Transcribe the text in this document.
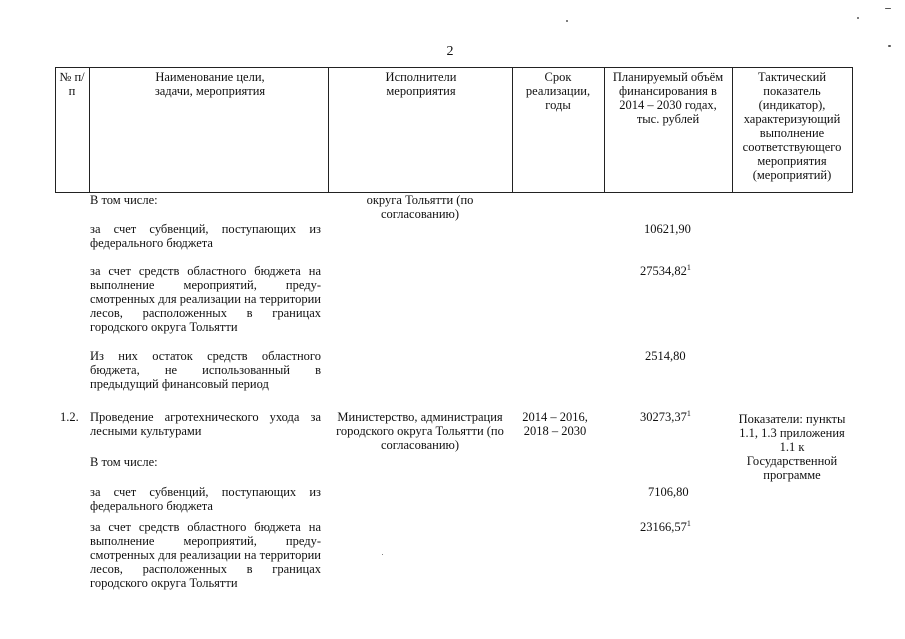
2
№ п/п
Наименование цели, задачи, мероприятия
Исполнители мероприятия
Срок реализации, годы
Планируемый объём финансирования в 2014 – 2030 годах, тыс. рублей
Тактический показатель (индикатор), характеризующий выполнение соответствующего мероприятия (мероприятий)
В том числе:	округа Тольятти (по согласованию)
за счет субвенций, поступающих из федерального бюджета
10621,90
за счет средств областного бюджета на выполнение мероприятий, преду-смотренных для реализации на территории лесов, расположенных в границах городского округа Тольятти
27534,82$^1$
Из них остаток средств областного бюджета, не использованный в предыдущий финансовый период
2514,80
1.2. Проведение агротехнического ухода за лесными культурами
Министерство, администрация городского округа Тольятти (по согласованию)
2014 – 2016, 2018 – 2030
30273,37$^1$	Показатели: пункты 1.1, 1.3 приложения 1.1 к Государственной программе
В том числе:
за счет субвенций, поступающих из федерального бюджета
7106,80
за счет средств областного бюджета на выполнение мероприятий, преду-смотренных для реализации на территории лесов, расположенных в границах городского округа Тольятти
23166,57$^1$
